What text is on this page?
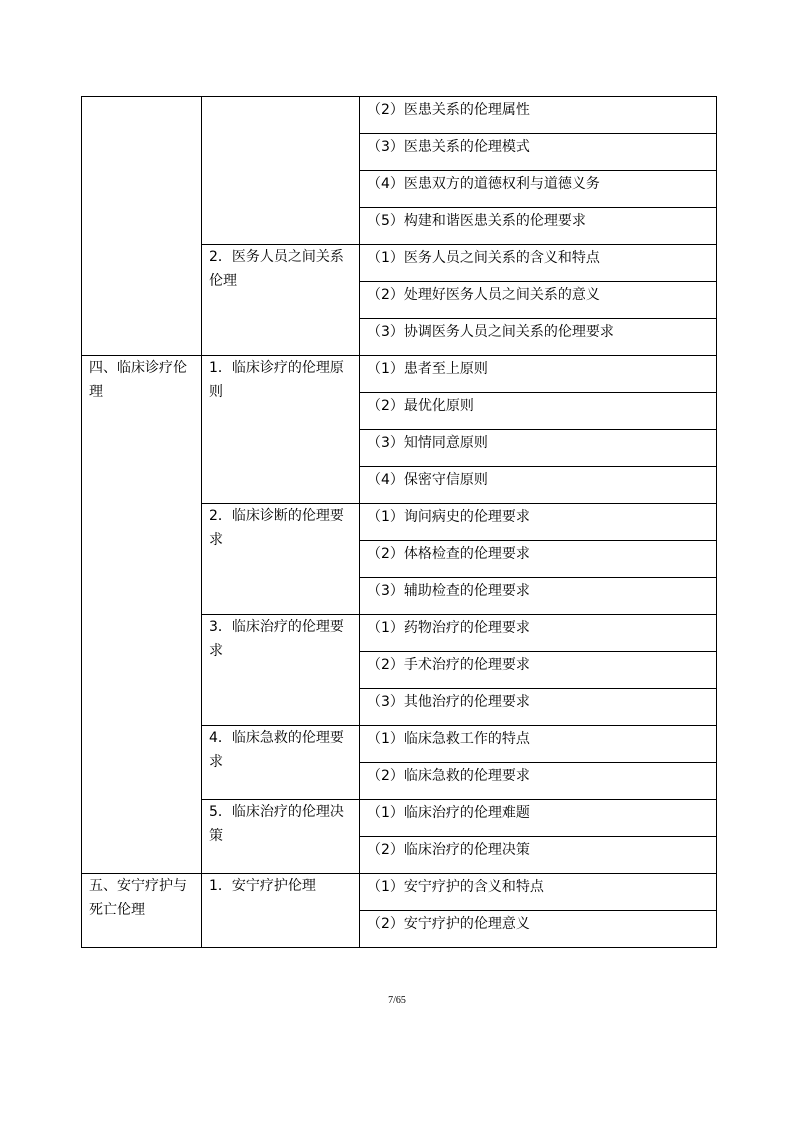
		（2）医患关系的伦理属性

		（3）医患关系的伦理模式

		（4）医患双方的道德权利与道德义务

		（5）构建和谐医患关系的伦理要求

	2．医务人员之间关系伦理	（1）医务人员之间关系的含义和特点

		（2）处理好医务人员之间关系的意义

		（3）协调医务人员之间关系的伦理要求

四、临床诊疗伦理	1．临床诊疗的伦理原则	（1）患者至上原则

		（2）最优化原则

		（3）知情同意原则

		（4）保密守信原则

	2．临床诊断的伦理要求	（1）询问病史的伦理要求

		（2）体格检查的伦理要求

		（3）辅助检查的伦理要求

	3．临床治疗的伦理要求	（1）药物治疗的伦理要求

		（2）手术治疗的伦理要求

		（3）其他治疗的伦理要求

	4．临床急救的伦理要求	（1）临床急救工作的特点

		（2）临床急救的伦理要求

	5．临床治疗的伦理决策	（1）临床治疗的伦理难题

		（2）临床治疗的伦理决策

五、安宁疗护与死亡伦理	1．安宁疗护伦理	（1）安宁疗护的含义和特点

		（2）安宁疗护的伦理意义
7/65
